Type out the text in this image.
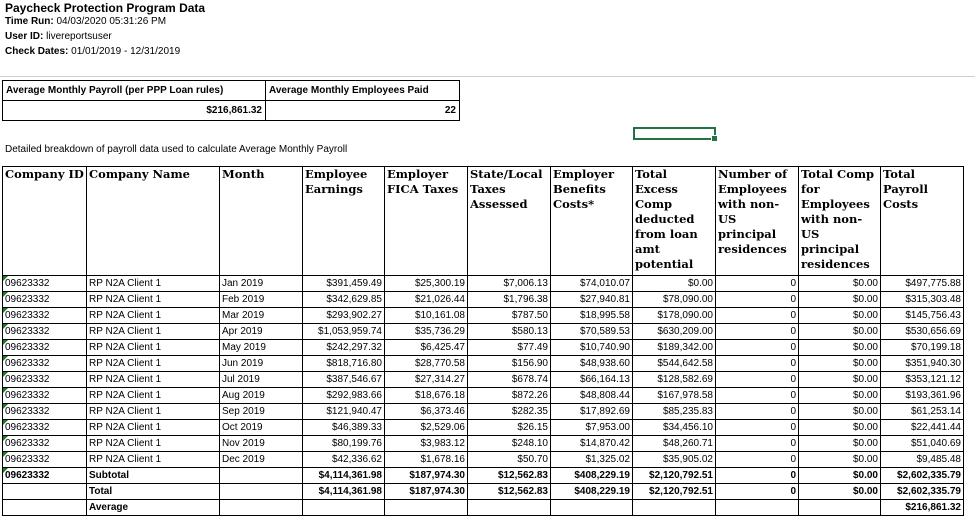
Paycheck Protection Program Data
Time Run: 04/03/2020 05:31:26 PM
User ID: livereportsuser
Check Dates: 01/01/2019 - 12/31/2019
Average Monthly Payroll (per PPP Loan rules)	Average Monthly Employees Paid
$216,861.32	22
Detailed breakdown of payroll data used to calculate Average Monthly Payroll
Company ID	Company Name	Month	Employee Earnings	Employer FICA Taxes	State/Local Taxes Assessed	Employer Benefits Costs*	Total Excess Comp deducted from loan amt potential	Number of Employees with non-US principal residences	Total Comp for Employees with non-US principal residences	Total Payroll Costs
09623332	RP N2A Client 1	Jan 2019	$391,459.49	$25,300.19	$7,006.13	$74,010.07	$0.00	0	$0.00	$497,775.88
09623332	RP N2A Client 1	Feb 2019	$342,629.85	$21,026.44	$1,796.38	$27,940.81	$78,090.00	0	$0.00	$315,303.48
09623332	RP N2A Client 1	Mar 2019	$293,902.27	$10,161.08	$787.50	$18,995.58	$178,090.00	0	$0.00	$145,756.43
09623332	RP N2A Client 1	Apr 2019	$1,053,959.74	$35,736.29	$580.13	$70,589.53	$630,209.00	0	$0.00	$530,656.69
09623332	RP N2A Client 1	May 2019	$242,297.32	$6,425.47	$77.49	$10,740.90	$189,342.00	0	$0.00	$70,199.18
09623332	RP N2A Client 1	Jun 2019	$818,716.80	$28,770.58	$156.90	$48,938.60	$544,642.58	0	$0.00	$351,940.30
09623332	RP N2A Client 1	Jul 2019	$387,546.67	$27,314.27	$678.74	$66,164.13	$128,582.69	0	$0.00	$353,121.12
09623332	RP N2A Client 1	Aug 2019	$292,983.66	$18,676.18	$872.26	$48,808.44	$167,978.58	0	$0.00	$193,361.96
09623332	RP N2A Client 1	Sep 2019	$121,940.47	$6,373.46	$282.35	$17,892.69	$85,235.83	0	$0.00	$61,253.14
09623332	RP N2A Client 1	Oct 2019	$46,389.33	$2,529.06	$26.15	$7,953.00	$34,456.10	0	$0.00	$22,441.44
09623332	RP N2A Client 1	Nov 2019	$80,199.76	$3,983.12	$248.10	$14,870.42	$48,260.71	0	$0.00	$51,040.69
09623332	RP N2A Client 1	Dec 2019	$42,336.62	$1,678.16	$50.70	$1,325.02	$35,905.02	0	$0.00	$9,485.48
09623332	Subtotal		$4,114,361.98	$187,974.30	$12,562.83	$408,229.19	$2,120,792.51	0	$0.00	$2,602,335.79
	Total		$4,114,361.98	$187,974.30	$12,562.83	$408,229.19	$2,120,792.51	0	$0.00	$2,602,335.79
	Average									$216,861.32
